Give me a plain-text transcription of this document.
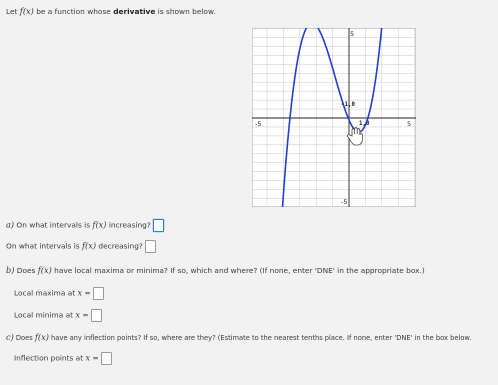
Let f(x) be a function whose derivative is shown below.
5
-5
-5	5
-1,0
1,0
a) On what intervals is f(x) increasing?
On what intervals is f(x) decreasing?
b) Does f(x) have local maxima or minima? If so, which and where? (If none, enter 'DNE' in the appropriate box.)
Local maxima at x =
Local minima at x =
c) Does f(x) have any inflection points? If so, where are they? (Estimate to the nearest tenths place. If none, enter 'DNE' in the box below.
Inflection points at x =
